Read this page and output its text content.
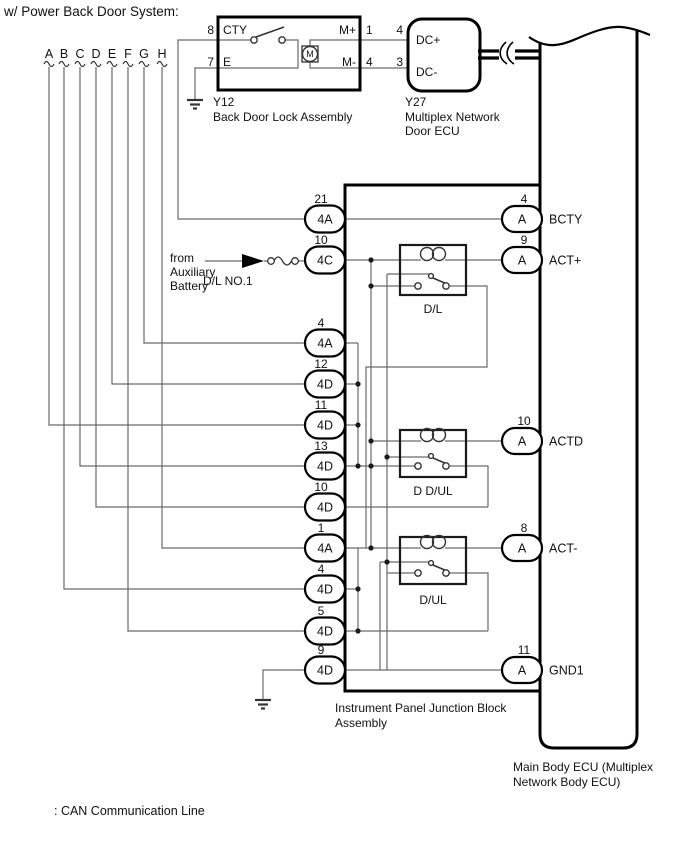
w/ Power Back Door System:
A B C D E F G H	M
4A
21
4C
10
4A
4
4D
12
4D
11
4D
13
4D
10
4A
1
4D
4
4D
5
4D
9
A
4
BCTY
A
9
ACT+
A
10
ACTD
A
8
ACT-
A
11
GND1
8 CTY
7 E
M+ 1
M- 4
4
3
DC+
DC-
Y12
Back Door Lock Assembly
Y27
Multiplex Network
Door ECU
from
Auxiliary
Battery
D/L NO.1
D/L
D D/UL
D/UL
Instrument Panel Junction Block
Assembly
Main Body ECU (Multiplex
Network Body ECU)
: CAN Communication Line
